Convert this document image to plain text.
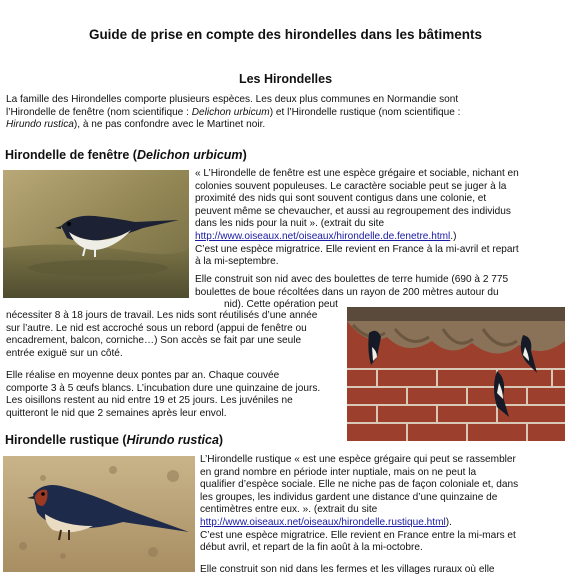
Guide de prise en compte des hirondelles dans les bâtiments
Les Hirondelles
La famille des Hirondelles comporte plusieurs espèces. Les deux plus communes en Normandie sont
l’Hirondelle de fenêtre (nom scientifique : Delichon urbicum) et l’Hirondelle rustique (nom scientifique :
Hirundo rustica), à ne pas confondre avec le Martinet noir.
Hirondelle de fenêtre (Delichon urbicum)
« L’Hirondelle de fenêtre est une espèce grégaire et sociable, nichant en
colonies souvent populeuses. Le caractère sociable peut se juger à la
proximité des nids qui sont souvent contigus dans une colonie, et
peuvent même se chevaucher, et aussi au regroupement des individus
dans les nids pour la nuit ». (extrait du site
http://www.oiseaux.net/oiseaux/hirondelle.de.fenetre.html.)
C’est une espèce migratrice. Elle revient en France à la mi-avril et repart
à la mi-septembre.
Elle construit son nid avec des boulettes de terre humide (690 à 2 775
boulettes de boue récoltées dans un rayon de 200 mètres autour du
nid). Cette opération peut
nécessiter 8 à 18 jours de travail. Les nids sont réutilisés d’une année
sur l’autre. Le nid est accroché sous un rebord (appui de fenêtre ou
encadrement, balcon, corniche…) Son accès se fait par une seule
entrée exiguë sur un côté.
Elle réalise en moyenne deux pontes par an. Chaque couvée
comporte 3 à 5 œufs blancs. L’incubation dure une quinzaine de jours.
Les oisillons restent au nid entre 19 et 25 jours. Les juvéniles ne
quitteront le nid que 2 semaines après leur envol.
Hirondelle rustique (Hirundo rustica)
L’Hirondelle rustique « est une espèce grégaire qui peut se rassembler
en grand nombre en période inter nuptiale, mais on ne peut la
qualifier d’espèce sociale. Elle ne niche pas de façon coloniale et, dans
les groupes, les individus gardent une distance d’une quinzaine de
centimètres entre eux. ». (extrait du site
http://www.oiseaux.net/oiseaux/hirondelle.rustique.html).
C’est une espèce migratrice. Elle revient en France entre la mi-mars et
début avril, et repart de la fin août à la mi-octobre.
Elle construit son nid dans les fermes et les villages ruraux où elle
